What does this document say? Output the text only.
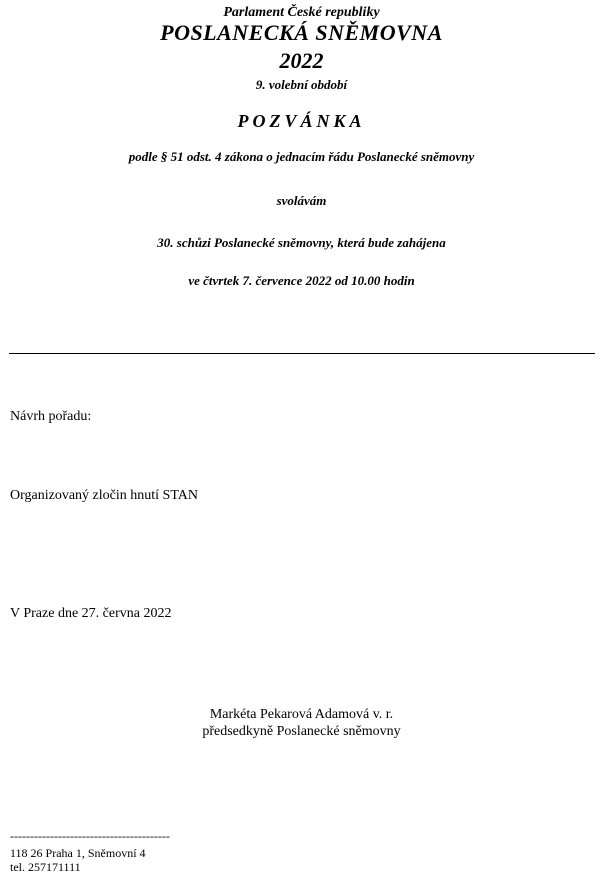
Parlament České republiky
POSLANECKÁ SNĚMOVNA
2022
9. volební období
POZVÁNKA
podle § 51 odst. 4 zákona o jednacím řádu Poslanecké sněmovny
svolávám
30. schůzi Poslanecké sněmovny, která bude zahájena
ve čtvrtek 7. července 2022 od 10.00 hodin
Návrh pořadu:
Organizovaný zločin hnutí STAN
V Praze dne 27. června 2022
Markéta Pekarová Adamová v. r.
předsedkyně Poslanecké sněmovny
----------------------------------------
118 26 Praha 1, Sněmovní 4
tel. 257171111
